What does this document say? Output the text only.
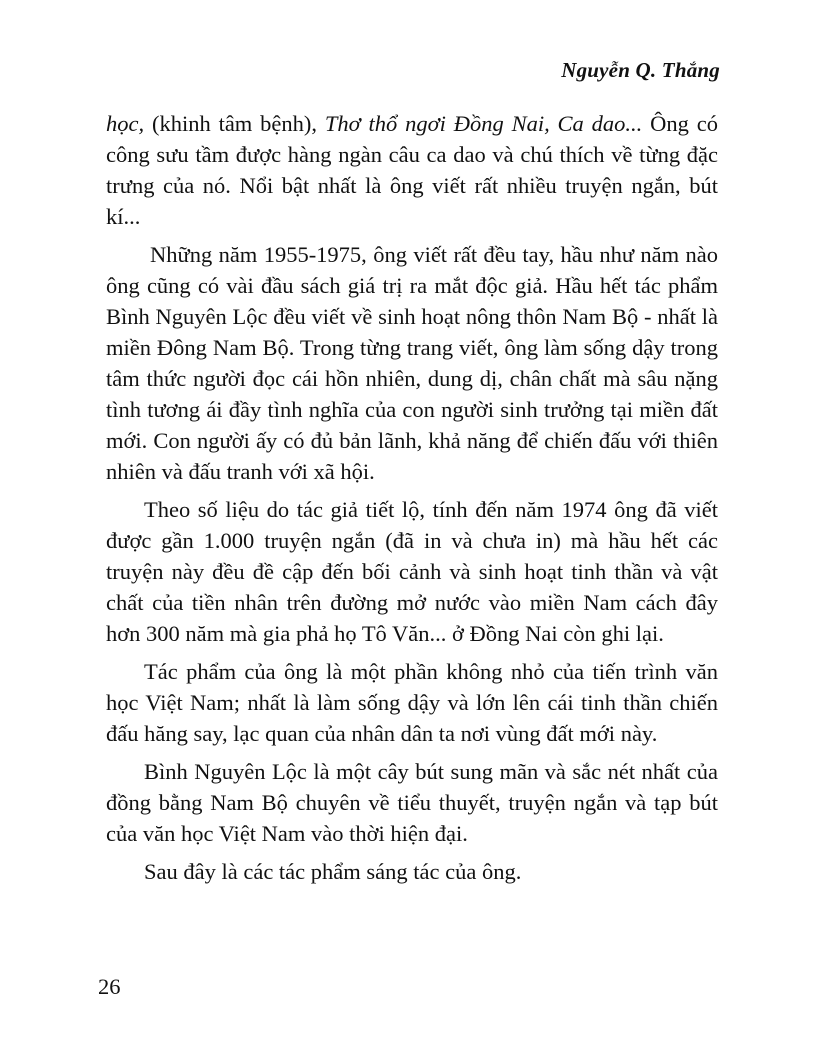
Nguyễn Q. Thắng

học, (khinh tâm bệnh), Thơ thổ ngơi Đồng Nai, Ca dao... Ông có công sưu tầm được hàng ngàn câu ca dao và chú thích về từng đặc trưng của nó. Nổi bật nhất là ông viết rất nhiều truyện ngắn, bút kí...

Những năm 1955-1975, ông viết rất đều tay, hầu như năm nào ông cũng có vài đầu sách giá trị ra mắt độc giả. Hầu hết tác phẩm Bình Nguyên Lộc đều viết về sinh hoạt nông thôn Nam Bộ - nhất là miền Đông Nam Bộ. Trong từng trang viết, ông làm sống dậy trong tâm thức người đọc cái hồn nhiên, dung dị, chân chất mà sâu nặng tình tương ái đầy tình nghĩa của con người sinh trưởng tại miền đất mới. Con người ấy có đủ bản lãnh, khả năng để chiến đấu với thiên nhiên và đấu tranh với xã hội.

Theo số liệu do tác giả tiết lộ, tính đến năm 1974 ông đã viết được gần 1.000 truyện ngắn (đã in và chưa in) mà hầu hết các truyện này đều đề cập đến bối cảnh và sinh hoạt tinh thần và vật chất của tiền nhân trên đường mở nước vào miền Nam cách đây hơn 300 năm mà gia phả họ Tô Văn... ở Đồng Nai còn ghi lại.

Tác phẩm của ông là một phần không nhỏ của tiến trình văn học Việt Nam; nhất là làm sống dậy và lớn lên cái tinh thần chiến đấu hăng say, lạc quan của nhân dân ta nơi vùng đất mới này.

Bình Nguyên Lộc là một cây bút sung mãn và sắc nét nhất của đồng bằng Nam Bộ chuyên về tiểu thuyết, truyện ngắn và tạp bút của văn học Việt Nam vào thời hiện đại.

Sau đây là các tác phẩm sáng tác của ông.

26
